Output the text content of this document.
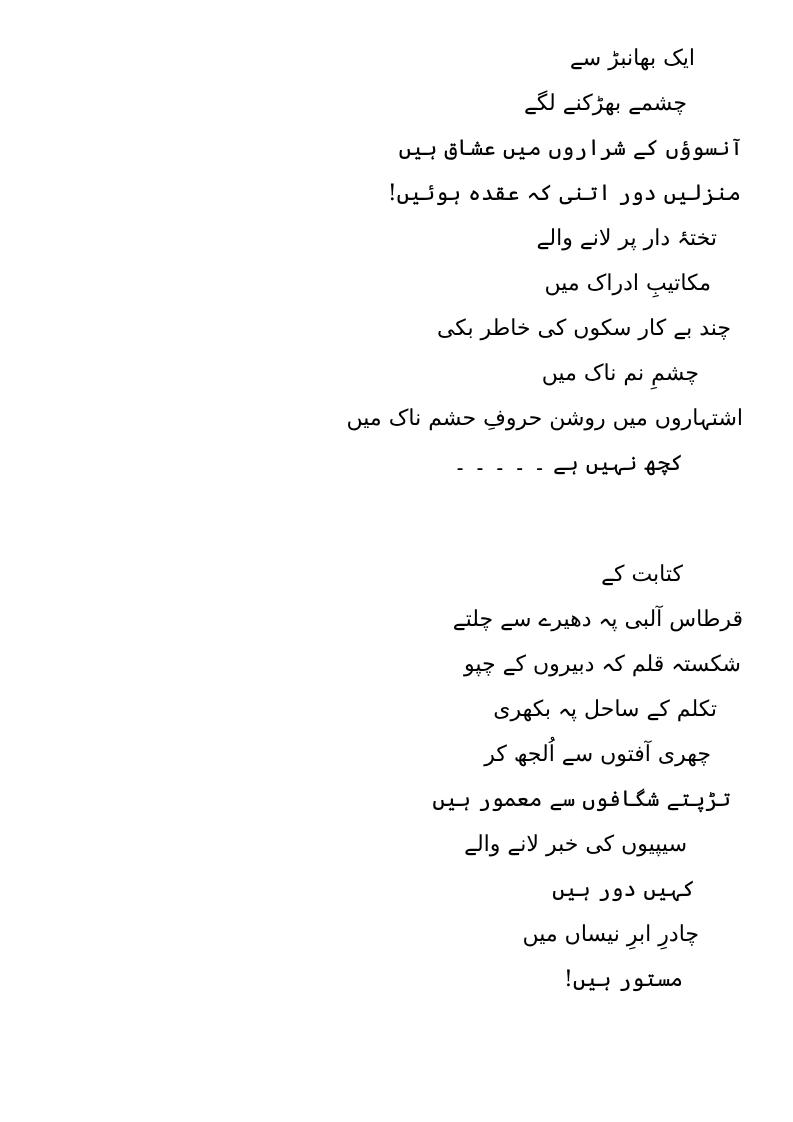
ایک بھانبڑ سے
چشمے بھڑکنے لگے
آنسوؤں کے شراروں میں عشاق ہیں
منزلیں دور اتنی کہ عقدہ ہوئیں!
تختۂ دار پر لانے والے
مکاتیبِ ادراک میں
چند بے کار سکوں کی خاطر بکی
چشمِ نم ناک میں
اشتہاروں میں روشن حروفِ حشم ناک میں
کچھ نہیں ہے ۔ ۔ ۔ ۔ ۔
کتابت کے
قرطاس آلبی پہ دھیرے سے چلتے
شکستہ قلم کہ دبیروں کے چپو
تکلم کے ساحل پہ بکھری
چھری آفتوں سے اُلجھ کر
تڑپتے شگافوں سے معمور ہیں
سیپیوں کی خبر لانے والے
کہیں دور ہیں
چادرِ ابرِ نیساں میں
مستور ہیں!
